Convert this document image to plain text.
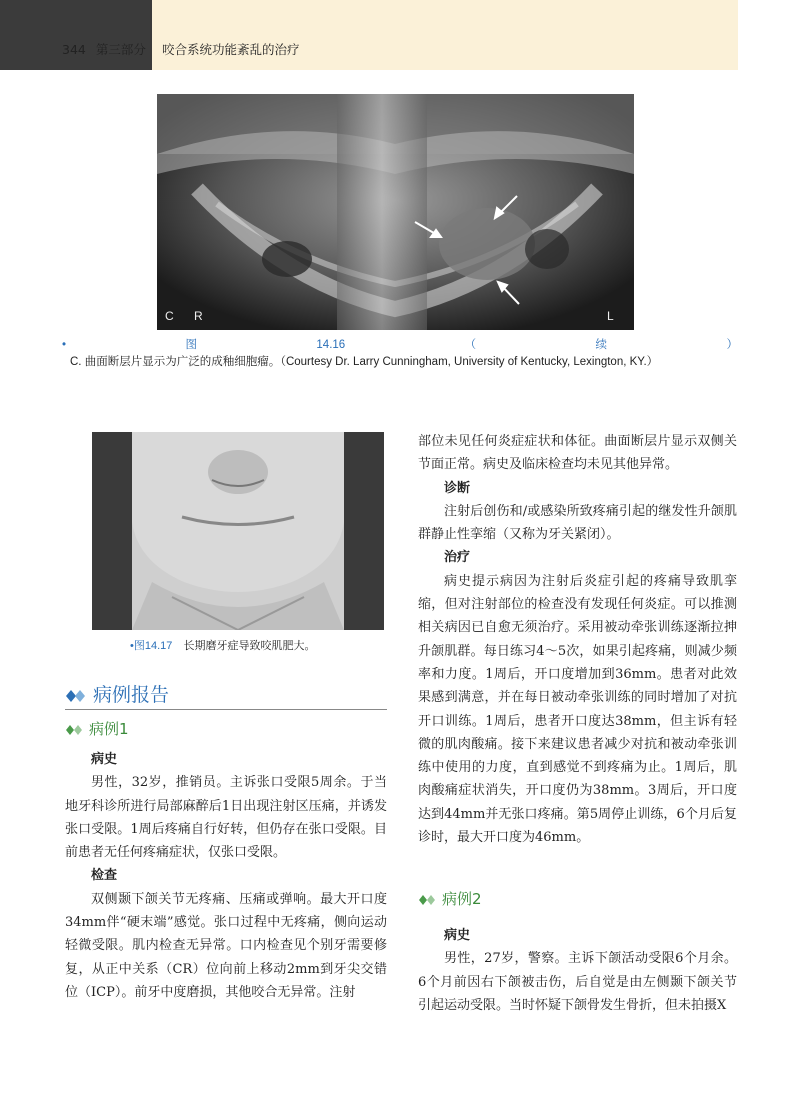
344 第三部分 咬合系统功能紊乱的治疗
C R	L
•图14.16（续） C. 曲面断层片显示为广泛的成釉细胞瘤。（Courtesy Dr. Larry Cunningham, University of Kentucky, Lexington, KY.）
•图14.17 长期磨牙症导致咬肌肥大。
病例报告
病例1

病史

男性，32岁，推销员。主诉张口受限5周余。于当地牙科诊所进行局部麻醉后1日出现注射区压痛，并诱发张口受限。1周后疼痛自行好转，但仍存在张口受限。目前患者无任何疼痛症状，仅张口受限。

检查

双侧颞下颌关节无疼痛、压痛或弹响。最大开口度34mm伴“硬末端”感觉。张口过程中无疼痛，侧向运动轻微受限。肌内检查无异常。口内检查见个别牙需要修复，从正中关系（CR）位向前上移动2mm到牙尖交错位（ICP）。前牙中度磨损，其他咬合无异常。注射

部位未见任何炎症症状和体征。曲面断层片显示双侧关节面正常。病史及临床检查均未见其他异常。

诊断

注射后创伤和/或感染所致疼痛引起的继发性升颌肌群静止性挛缩（又称为牙关紧闭）。

治疗

病史提示病因为注射后炎症引起的疼痛导致肌挛缩，但对注射部位的检查没有发现任何炎症。可以推测相关病因已自愈无须治疗。采用被动牵张训练逐渐拉抻升颌肌群。每日练习4～5次，如果引起疼痛，则减少频率和力度。1周后，开口度增加到36mm。患者对此效果感到满意，并在每日被动牵张训练的同时增加了对抗开口训练。1周后，患者开口度达38mm，但主诉有轻微的肌肉酸痛。接下来建议患者减少对抗和被动牵张训练中使用的力度，直到感觉不到疼痛为止。1周后，肌肉酸痛症状消失，开口度仍为38mm。3周后，开口度达到44mm并无张口疼痛。第5周停止训练，6个月后复诊时，最大开口度为46mm。

病例2

病史

男性，27岁，警察。主诉下颌活动受限6个月余。6个月前因右下颌被击伤，后自觉是由左侧颞下颌关节引起运动受限。当时怀疑下颌骨发生骨折，但未拍摄X
